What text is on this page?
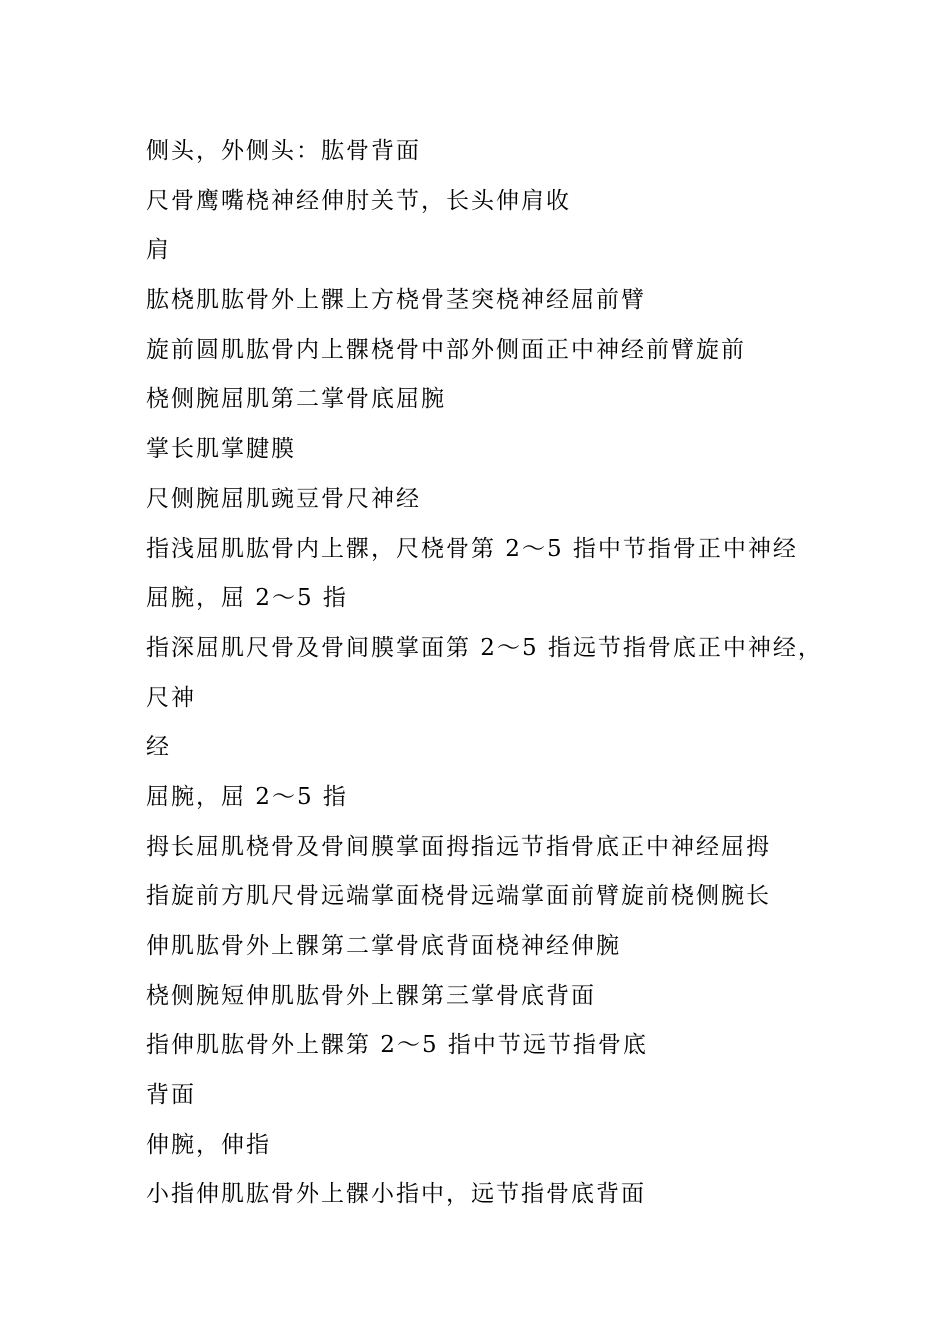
侧头，外侧头：肱骨背面
尺骨鹰嘴桡神经伸肘关节，长头伸肩收
肩
肱桡肌肱骨外上髁上方桡骨茎突桡神经屈前臂
旋前圆肌肱骨内上髁桡骨中部外侧面正中神经前臂旋前
桡侧腕屈肌第二掌骨底屈腕
掌长肌掌腱膜
尺侧腕屈肌豌豆骨尺神经
指浅屈肌肱骨内上髁，尺桡骨第 2～5 指中节指骨正中神经
屈腕，屈 2～5 指
指深屈肌尺骨及骨间膜掌面第 2～5 指远节指骨底正中神经，
尺神
经
屈腕，屈 2～5 指
拇长屈肌桡骨及骨间膜掌面拇指远节指骨底正中神经屈拇
指旋前方肌尺骨远端掌面桡骨远端掌面前臂旋前桡侧腕长
伸肌肱骨外上髁第二掌骨底背面桡神经伸腕
桡侧腕短伸肌肱骨外上髁第三掌骨底背面
指伸肌肱骨外上髁第 2～5 指中节远节指骨底
背面
伸腕，伸指
小指伸肌肱骨外上髁小指中，远节指骨底背面
